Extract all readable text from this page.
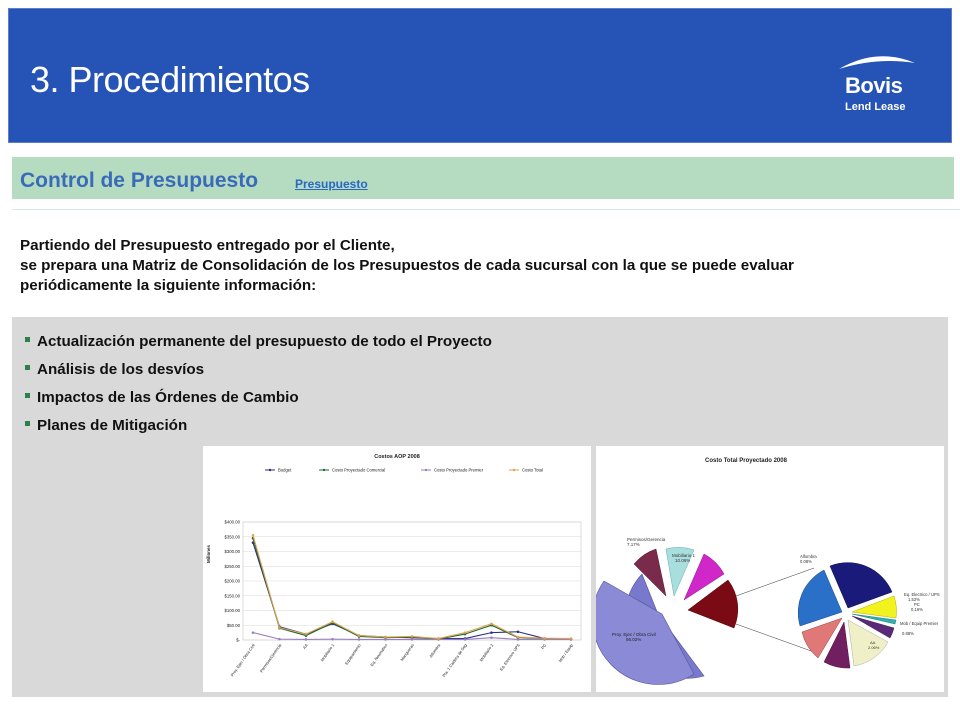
3. Procedimientos	Bovis
Lend Lease
Control de Presupuesto	Presupuesto
Partiendo del Presupuesto entregado por el Cliente,
se prepara una Matriz de Consolidación de los Presupuestos de cada sucursal con la que se puede evaluar
periódicamente la siguiente información:
Actualización permanente del presupuesto de todo el Proyecto
Análisis de los desvíos
Impactos de las Órdenes de Cambio
Planes de Mitigación
Costos AOP 2008
Budget	Costo Proyectado Comercial	Costo Proyectado Premier	Costo Total
Millones
$400.00
$350.00
$300.00
$250.00
$200.00
$150.00
$100.00
$50.00
$-
Proy. Ejec / Obra Civil Permisos/Gerencia	AA	Mobiliario 1 Equipamiento Eq. Neumatico	Mangueras	Alfombra Pta. 1 Caldera de Seg	Mobiliario 2 Eq. Electrico UPS	PC	Mob / Equip
Costo Total Proyectado 2008
Permisos/Gerencia
7.17%
Mobiliario 1
10.06%
Proy. Ejec / Obra Civil
56.02%
Alfombra
0.08%
Eq. Electrico / UPS
1.52%
PC
0.16%
Mob / Equip Premier
0.88%
AA
2.06%
